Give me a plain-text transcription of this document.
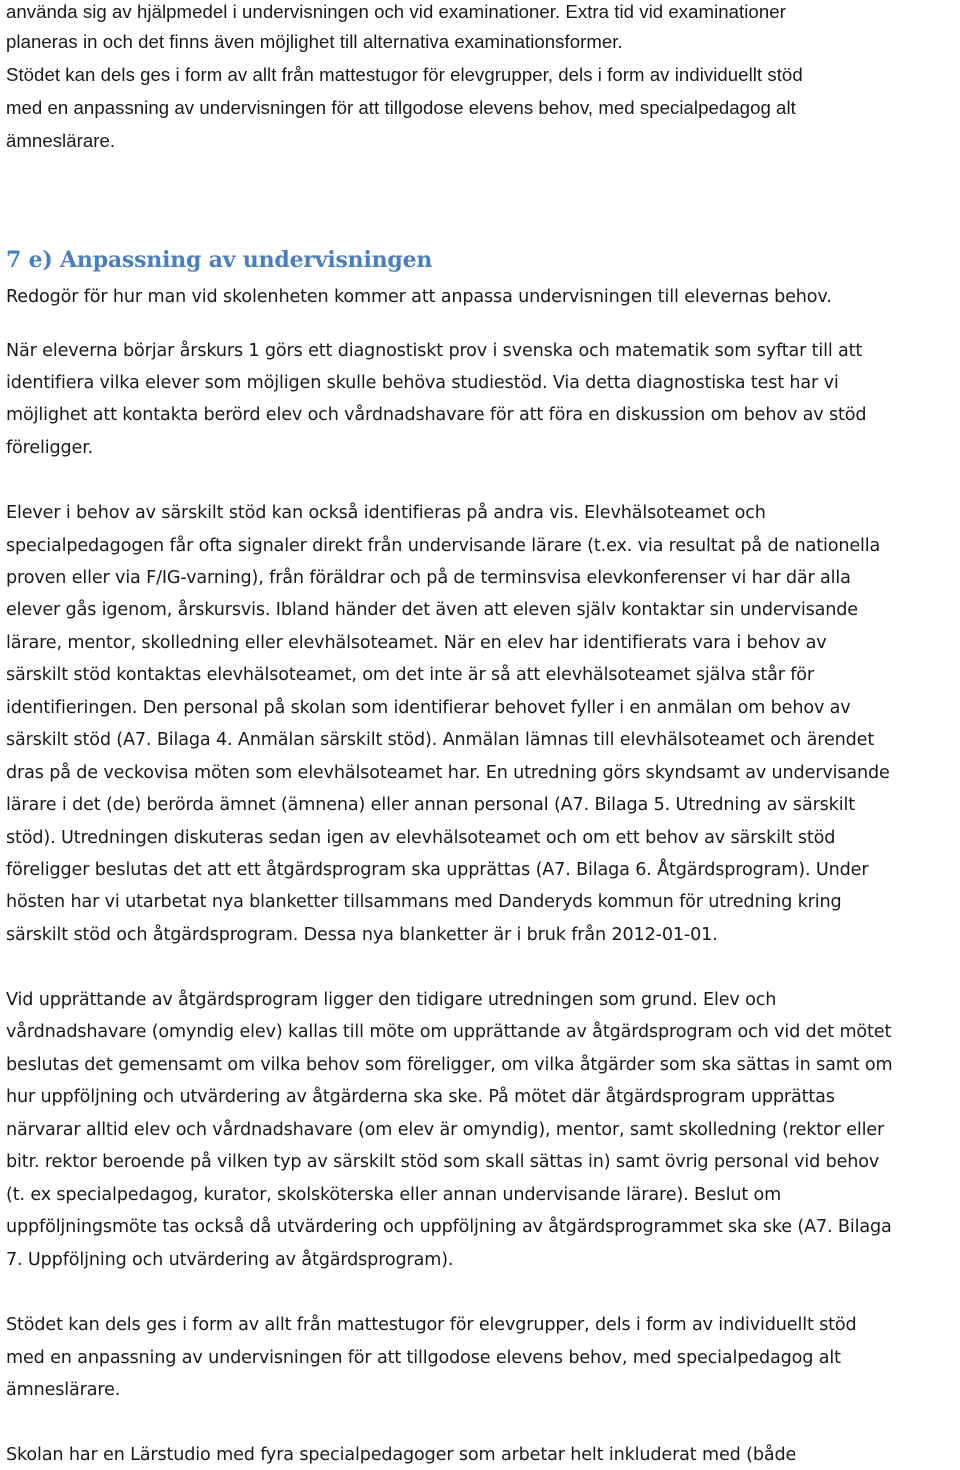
använda sig av hjälpmedel i undervisningen och vid examinationer. Extra tid vid examinationer
planeras in och det finns även möjlighet till alternativa examinationsformer.
Stödet kan dels ges i form av allt från mattestugor för elevgrupper, dels i form av individuellt stöd
med en anpassning av undervisningen för att tillgodose elevens behov, med specialpedagog alt
ämneslärare.
7 e) Anpassning av undervisningen
Redogör för hur man vid skolenheten kommer att anpassa undervisningen till elevernas behov.
När eleverna börjar årskurs 1 görs ett diagnostiskt prov i svenska och matematik som syftar till att
identifiera vilka elever som möjligen skulle behöva studiestöd. Via detta diagnostiska test har vi
möjlighet att kontakta berörd elev och vårdnadshavare för att föra en diskussion om behov av stöd
föreligger.
Elever i behov av särskilt stöd kan också identifieras på andra vis. Elevhälsoteamet och
specialpedagogen får ofta signaler direkt från undervisande lärare (t.ex. via resultat på de nationella
proven eller via F/IG-varning), från föräldrar och på de terminsvisa elevkonferenser vi har där alla
elever gås igenom, årskursvis. Ibland händer det även att eleven själv kontaktar sin undervisande
lärare, mentor, skolledning eller elevhälsoteamet. När en elev har identifierats vara i behov av
särskilt stöd kontaktas elevhälsoteamet, om det inte är så att elevhälsoteamet själva står för
identifieringen. Den personal på skolan som identifierar behovet fyller i en anmälan om behov av
särskilt stöd (A7. Bilaga 4. Anmälan särskilt stöd). Anmälan lämnas till elevhälsoteamet och ärendet
dras på de veckovisa möten som elevhälsoteamet har. En utredning görs skyndsamt av undervisande
lärare i det (de) berörda ämnet (ämnena) eller annan personal (A7. Bilaga 5. Utredning av särskilt
stöd). Utredningen diskuteras sedan igen av elevhälsoteamet och om ett behov av särskilt stöd
föreligger beslutas det att ett åtgärdsprogram ska upprättas (A7. Bilaga 6. Åtgärdsprogram). Under
hösten har vi utarbetat nya blanketter tillsammans med Danderyds kommun för utredning kring
särskilt stöd och åtgärdsprogram. Dessa nya blanketter är i bruk från 2012-01-01.
Vid upprättande av åtgärdsprogram ligger den tidigare utredningen som grund. Elev och
vårdnadshavare (omyndig elev) kallas till möte om upprättande av åtgärdsprogram och vid det mötet
beslutas det gemensamt om vilka behov som föreligger, om vilka åtgärder som ska sättas in samt om
hur uppföljning och utvärdering av åtgärderna ska ske. På mötet där åtgärdsprogram upprättas
närvarar alltid elev och vårdnadshavare (om elev är omyndig), mentor, samt skolledning (rektor eller
bitr. rektor beroende på vilken typ av särskilt stöd som skall sättas in) samt övrig personal vid behov
(t. ex specialpedagog, kurator, skolsköterska eller annan undervisande lärare). Beslut om
uppföljningsmöte tas också då utvärdering och uppföljning av åtgärdsprogrammet ska ske (A7. Bilaga
7. Uppföljning och utvärdering av åtgärdsprogram).
Stödet kan dels ges i form av allt från mattestugor för elevgrupper, dels i form av individuellt stöd
med en anpassning av undervisningen för att tillgodose elevens behov, med specialpedagog alt
ämneslärare.
Skolan har en Lärstudio med fyra specialpedagoger som arbetar helt inkluderat med (både
